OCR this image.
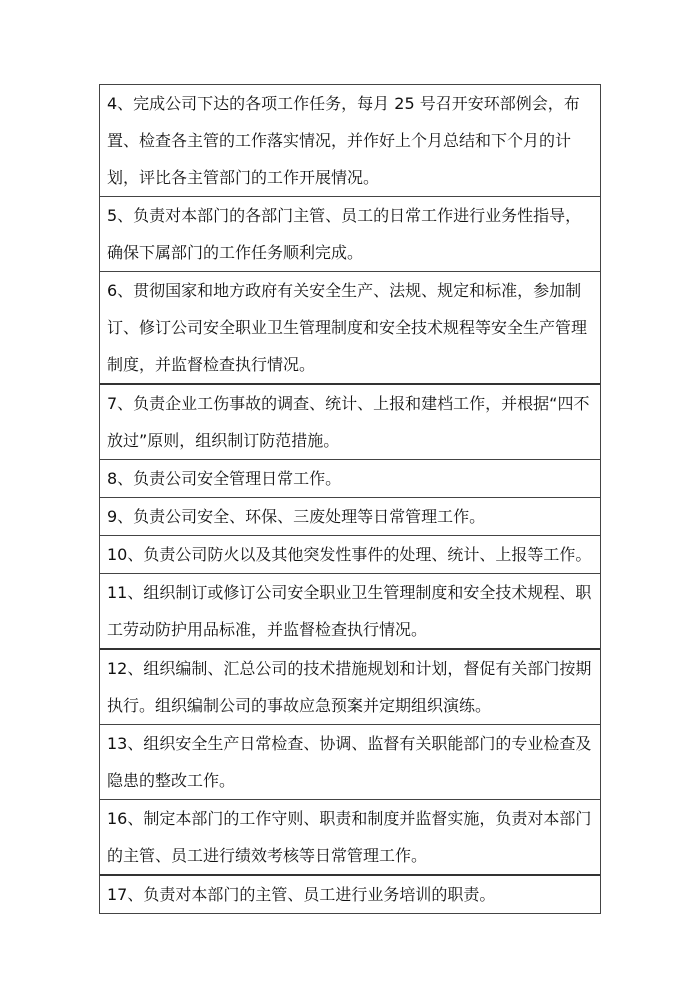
4、完成公司下达的各项工作任务，每月 25 号召开安环部例会，布置、检查各主管的工作落实情况，并作好上个月总结和下个月的计划，评比各主管部门的工作开展情况。
5、负责对本部门的各部门主管、员工的日常工作进行业务性指导，确保下属部门的工作任务顺利完成。
6、贯彻国家和地方政府有关安全生产、法规、规定和标准，参加制订、修订公司安全职业卫生管理制度和安全技术规程等安全生产管理制度，并监督检查执行情况。
7、负责企业工伤事故的调查、统计、上报和建档工作，并根据“四不放过”原则，组织制订防范措施。
8、负责公司安全管理日常工作。
9、负责公司安全、环保、三废处理等日常管理工作。
10、负责公司防火以及其他突发性事件的处理、统计、上报等工作。
11、组织制订或修订公司安全职业卫生管理制度和安全技术规程、职工劳动防护用品标准，并监督检查执行情况。
12、组织编制、汇总公司的技术措施规划和计划，督促有关部门按期执行。组织编制公司的事故应急预案并定期组织演练。
13、组织安全生产日常检查、协调、监督有关职能部门的专业检查及隐患的整改工作。
16、制定本部门的工作守则、职责和制度并监督实施，负责对本部门的主管、员工进行绩效考核等日常管理工作。
17、负责对本部门的主管、员工进行业务培训的职责。
